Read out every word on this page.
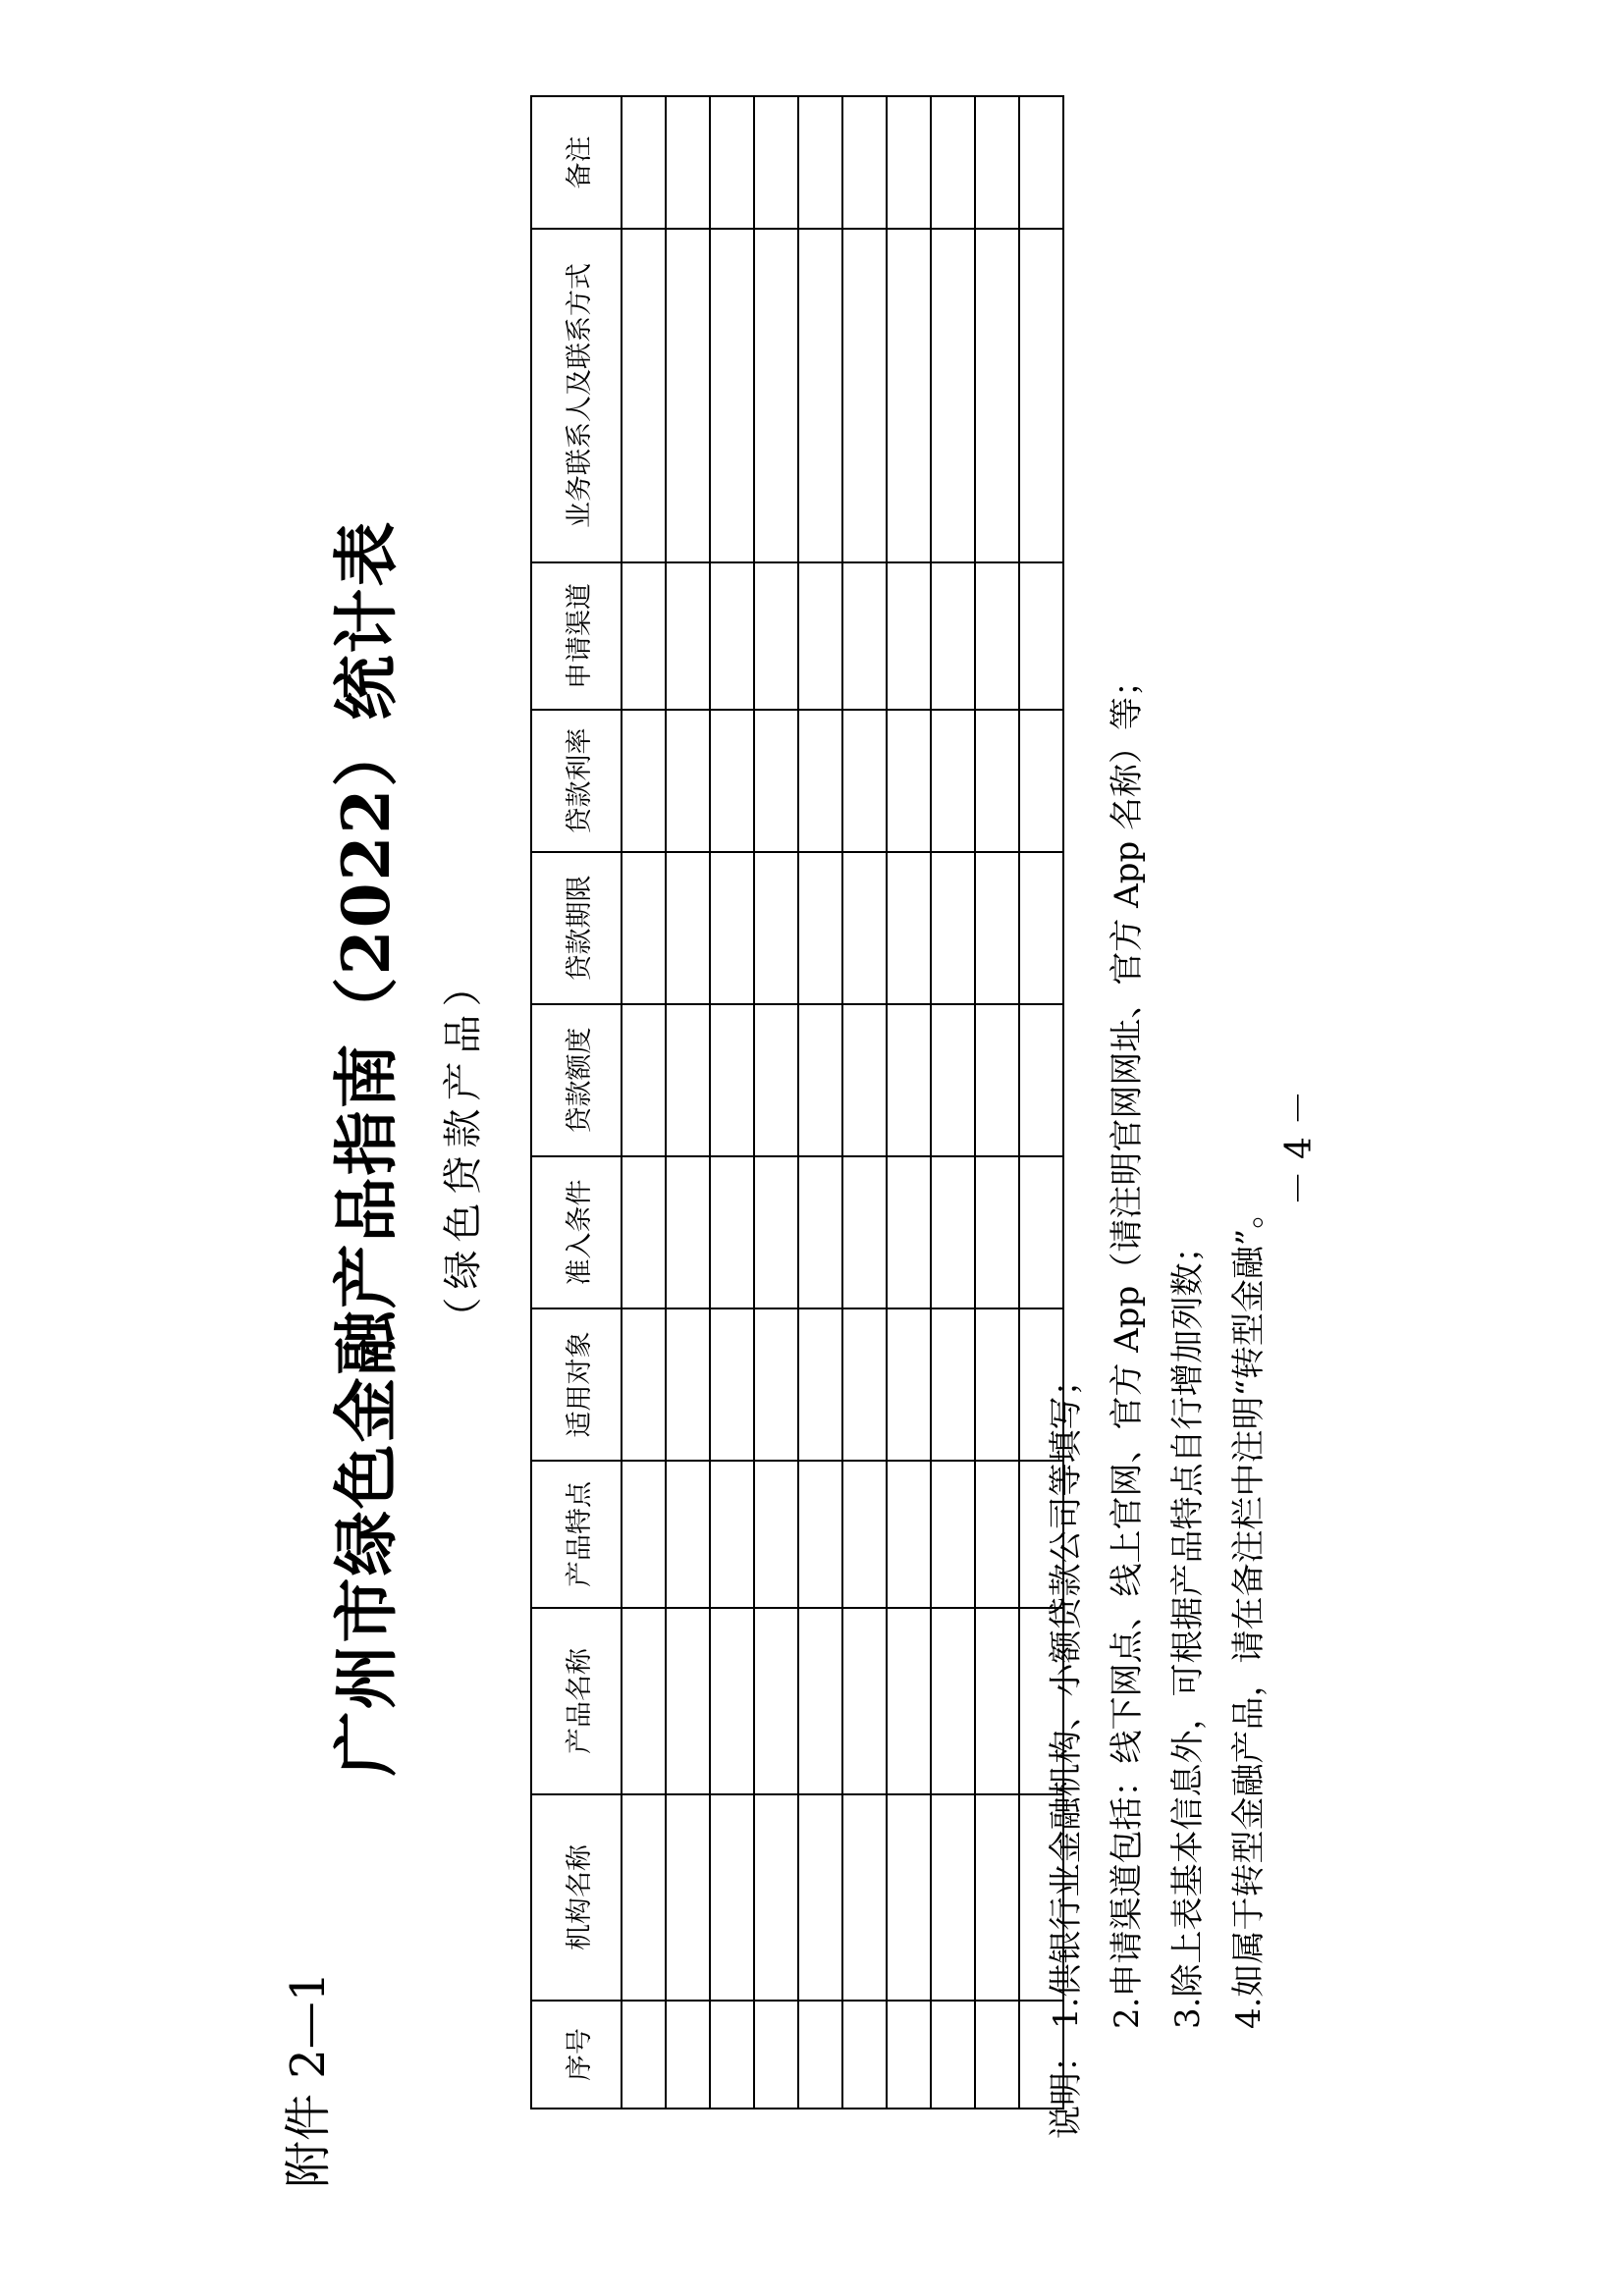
附件 2—1
广州市绿色金融产品指南（2022）统计表 （绿色贷款产品）
序号	机构名称	产品名称	产品特点	适用对象	准入条件	贷款额度	贷款期限	贷款利率	申请渠道	业务联系人及联系方式	备注

说明：1.供银行业金融机构、小额贷款公司等填写； 2.申请渠道包括：线下网点、线上官网、官方 App（请注明官网网址、官方 App 名称）等； 3.除上表基本信息外，可根据产品特点自行增加列数； 4.如属于转型金融产品，请在备注栏中注明“转型金融”。
－ 4 －
